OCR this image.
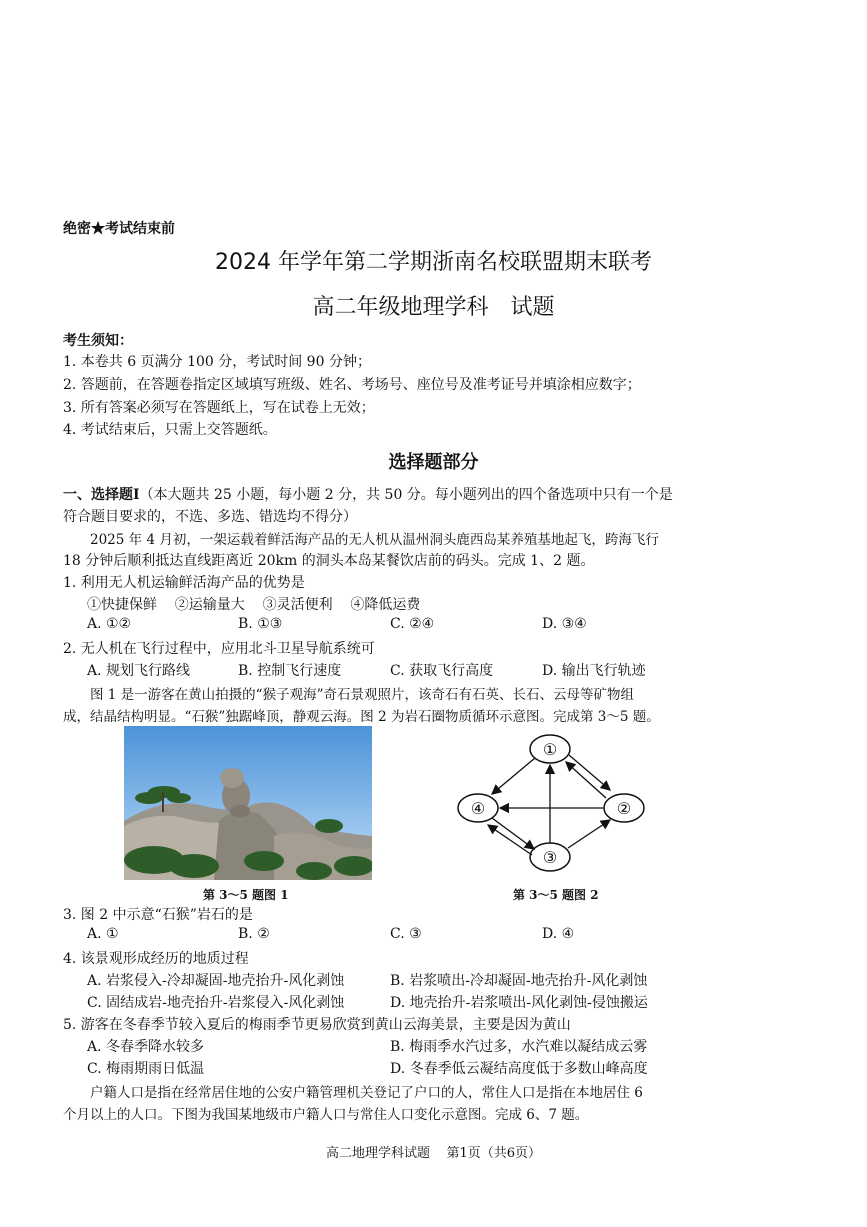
绝密★考试结束前
2024 年学年第二学期浙南名校联盟期末联考
高二年级地理学科 试题
考生须知：
1. 本卷共 6 页满分 100 分，考试时间 90 分钟；
2. 答题前，在答题卷指定区域填写班级、姓名、考场号、座位号及准考证号并填涂相应数字；
3. 所有答案必须写在答题纸上，写在试卷上无效；
4. 考试结束后，只需上交答题纸。
选择题部分
一、选择题Ⅰ（本大题共 25 小题，每小题 2 分，共 50 分。每小题列出的四个备选项中只有一个是
符合题目要求的，不选、多选、错选均不得分）
2025 年 4 月初，一架运载着鲜活海产品的无人机从温州洞头鹿西岛某养殖基地起飞，跨海飞行
18 分钟后顺利抵达直线距离近 20km 的洞头本岛某餐饮店前的码头。完成 1、2 题。
1. 利用无人机运输鲜活海产品的优势是
①快捷保鲜    ②运输量大    ③灵活便利    ④降低运费
A. ①②	B. ①③	C. ②④	D. ③④
2. 无人机在飞行过程中，应用北斗卫星导航系统可
A. 规划飞行路线	B. 控制飞行速度	C. 获取飞行高度	D. 输出飞行轨迹
图 1 是一游客在黄山拍摄的“猴子观海”奇石景观照片，该奇石有石英、长石、云母等矿物组
成，结晶结构明显。“石猴”独踞峰顶，静观云海。图 2 为岩石圈物质循环示意图。完成第 3～5 题。
①
②
③
④
第 3～5 题图 1	第 3～5 题图 2
3. 图 2 中示意“石猴”岩石的是
A. ①	B. ②	C. ③	D. ④
4. 该景观形成经历的地质过程
A. 岩浆侵入-冷却凝固-地壳抬升-风化剥蚀	B. 岩浆喷出-冷却凝固-地壳抬升-风化剥蚀
C. 固结成岩-地壳抬升-岩浆侵入-风化剥蚀	D. 地壳抬升-岩浆喷出-风化剥蚀-侵蚀搬运
5. 游客在冬春季节较入夏后的梅雨季节更易欣赏到黄山云海美景，主要是因为黄山
A. 冬春季降水较多	B. 梅雨季水汽过多，水汽难以凝结成云雾
C. 梅雨期雨日低温	D. 冬春季低云凝结高度低于多数山峰高度
户籍人口是指在经常居住地的公安户籍管理机关登记了户口的人，常住人口是指在本地居住 6
个月以上的人口。下图为我国某地级市户籍人口与常住人口变化示意图。完成 6、7 题。
高二地理学科试题    第1页（共6页）
